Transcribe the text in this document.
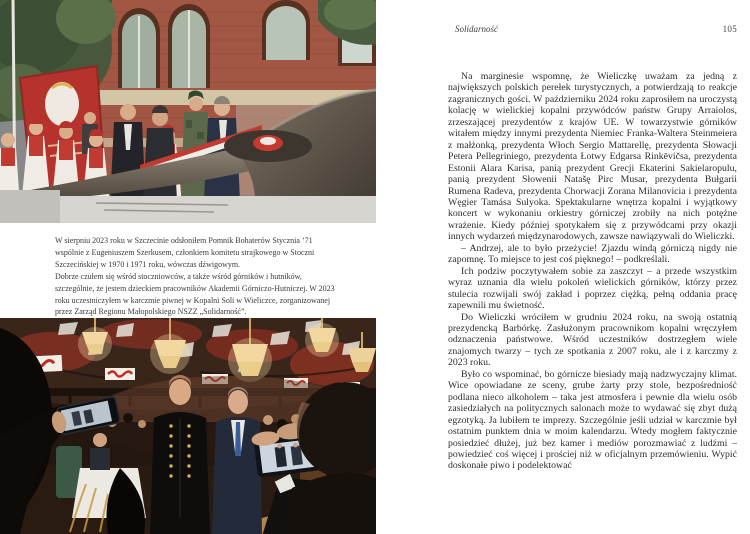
W sierpniu 2023 roku w Szczecinie odsłoniłem Pomnik Bohaterów Stycznia ’71 wspólnie z Eugeniuszem Szerkusem, członkiem komitetu strajkowego w Stoczni Szczecińskiej w 1970 i 1971 roku, wówczas dźwigowym.
Dobrze czułem się wśród stoczniowców, a także wśród górników i hutników, szczególnie, że jestem dzieckiem pracowników Akademii Górniczo-Hutniczej. W 2023 roku uczestniczyłem w karczmie piwnej w Kopalni Soli w Wieliczce, zorganizowanej przez Zarząd Regionu Małopolskiego NSZZ „Solidarność”.
Solidarność	105

Na marginesie wspomnę, że Wieliczkę uważam za jedną z największych polskich perełek turystycznych, a potwierdzają to reakcje zagranicznych gości. W październiku 2024 roku zaprosiłem na uroczystą kolację w wielickiej kopalni przywódców państw Grupy Arraiolos, zrzeszającej prezydentów z krajów UE. W towarzystwie górników witałem między innymi prezydenta Niemiec Franka-Waltera Steinmeiera z małżonką, prezydenta Włoch Sergio Mattarellę, prezydenta Słowacji Petera Pellegriniego, prezydenta Łotwy Edgarsa Rinkēvičsa, prezydenta Estonii Alara Karisa, panią prezydent Grecji Ekaterini Sakielaropulu, panią prezydent Słowenii Natašę Pirc Musar, prezydenta Bułgarii Rumena Radeva, prezydenta Chorwacji Zorana Milanovicia i prezydenta Węgier Tamása Sulyoka. Spektakularne wnętrza kopalni i wyjątkowy koncert w wykonaniu orkiestry górniczej zrobiły na nich potężne wrażenie. Kiedy później spotykałem się z przywódcami przy okazji innych wydarzeń międzynarodowych, zawsze nawiązywali do Wieliczki.

– Andrzej, ale to było przeżycie! Zjazdu windą górniczą nigdy nie zapomnę. To miejsce to jest coś pięknego! – podkreślali.

Ich podziw poczytywałem sobie za zaszczyt – a przede wszystkim wyraz uznania dla wielu pokoleń wielickich górników, którzy przez stulecia rozwijali swój zakład i poprzez ciężką, pełną oddania pracę zapewnili mu świetność.

Do Wieliczki wróciłem w grudniu 2024 roku, na swoją ostatnią prezydencką Barbórkę. Zasłużonym pracownikom kopalni wręczyłem odznaczenia państwowe. Wśród uczestników dostrzegłem wiele znajomych twarzy – tych ze spotkania z 2007 roku, ale i z karczmy z 2023 roku.

Było co wspominać, bo górnicze biesiady mają nadzwyczajny klimat. Wice opowiadane ze sceny, grube żarty przy stole, bezpośredniość podlana nieco alkoholem – taka jest atmosfera i pewnie dla wielu osób zasiedziałych na politycznych salonach może to wydawać się zbyt dużą egzotyką. Ja lubiłem te imprezy. Szczególnie jeśli udział w karczmie był ostatnim punktem dnia w moim kalendarzu. Wtedy mogłem faktycznie posiedzieć dłużej, już bez kamer i mediów porozmawiać z ludźmi – powiedzieć coś więcej i prościej niż w oficjalnym przemówieniu. Wypić doskonałe piwo i podelektować
